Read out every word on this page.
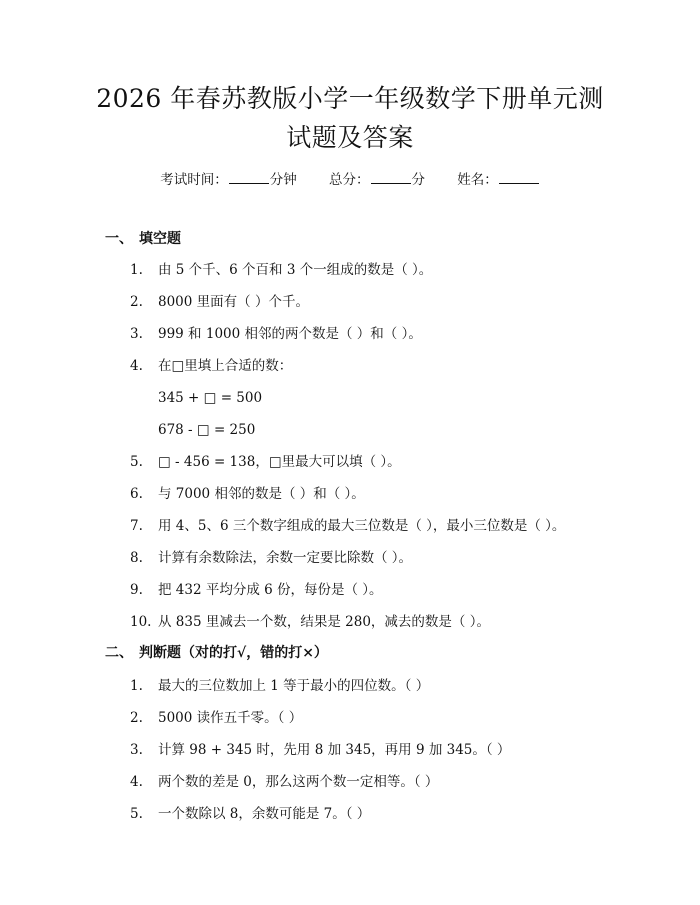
2026 年春苏教版小学一年级数学下册单元测
试题及答案
考试时间：	分钟 总分：	分 姓名：
一、 填空题
1. 由 5 个千、6 个百和 3 个一组成的数是（ ）。
2. 8000 里面有（ ）个千。
3. 999 和 1000 相邻的两个数是（ ）和（ ）。
4. 在□里填上合适的数：
345 + □ = 500
678 - □ = 250
5. □ - 456 = 138，□里最大可以填（ ）。
6. 与 7000 相邻的数是（ ）和（ ）。
7. 用 4、5、6 三个数字组成的最大三位数是（ ），最小三位数是（ ）。
8. 计算有余数除法，余数一定要比除数（ ）。
9. 把 432 平均分成 6 份，每份是（ ）。
10. 从 835 里减去一个数，结果是 280，减去的数是（ ）。
二、 判断题（对的打√，错的打×）
1. 最大的三位数加上 1 等于最小的四位数。（ ）
2. 5000 读作五千零。（ ）
3. 计算 98 + 345 时，先用 8 加 345，再用 9 加 345。（ ）
4. 两个数的差是 0，那么这两个数一定相等。（ ）
5. 一个数除以 8，余数可能是 7。（ ）
